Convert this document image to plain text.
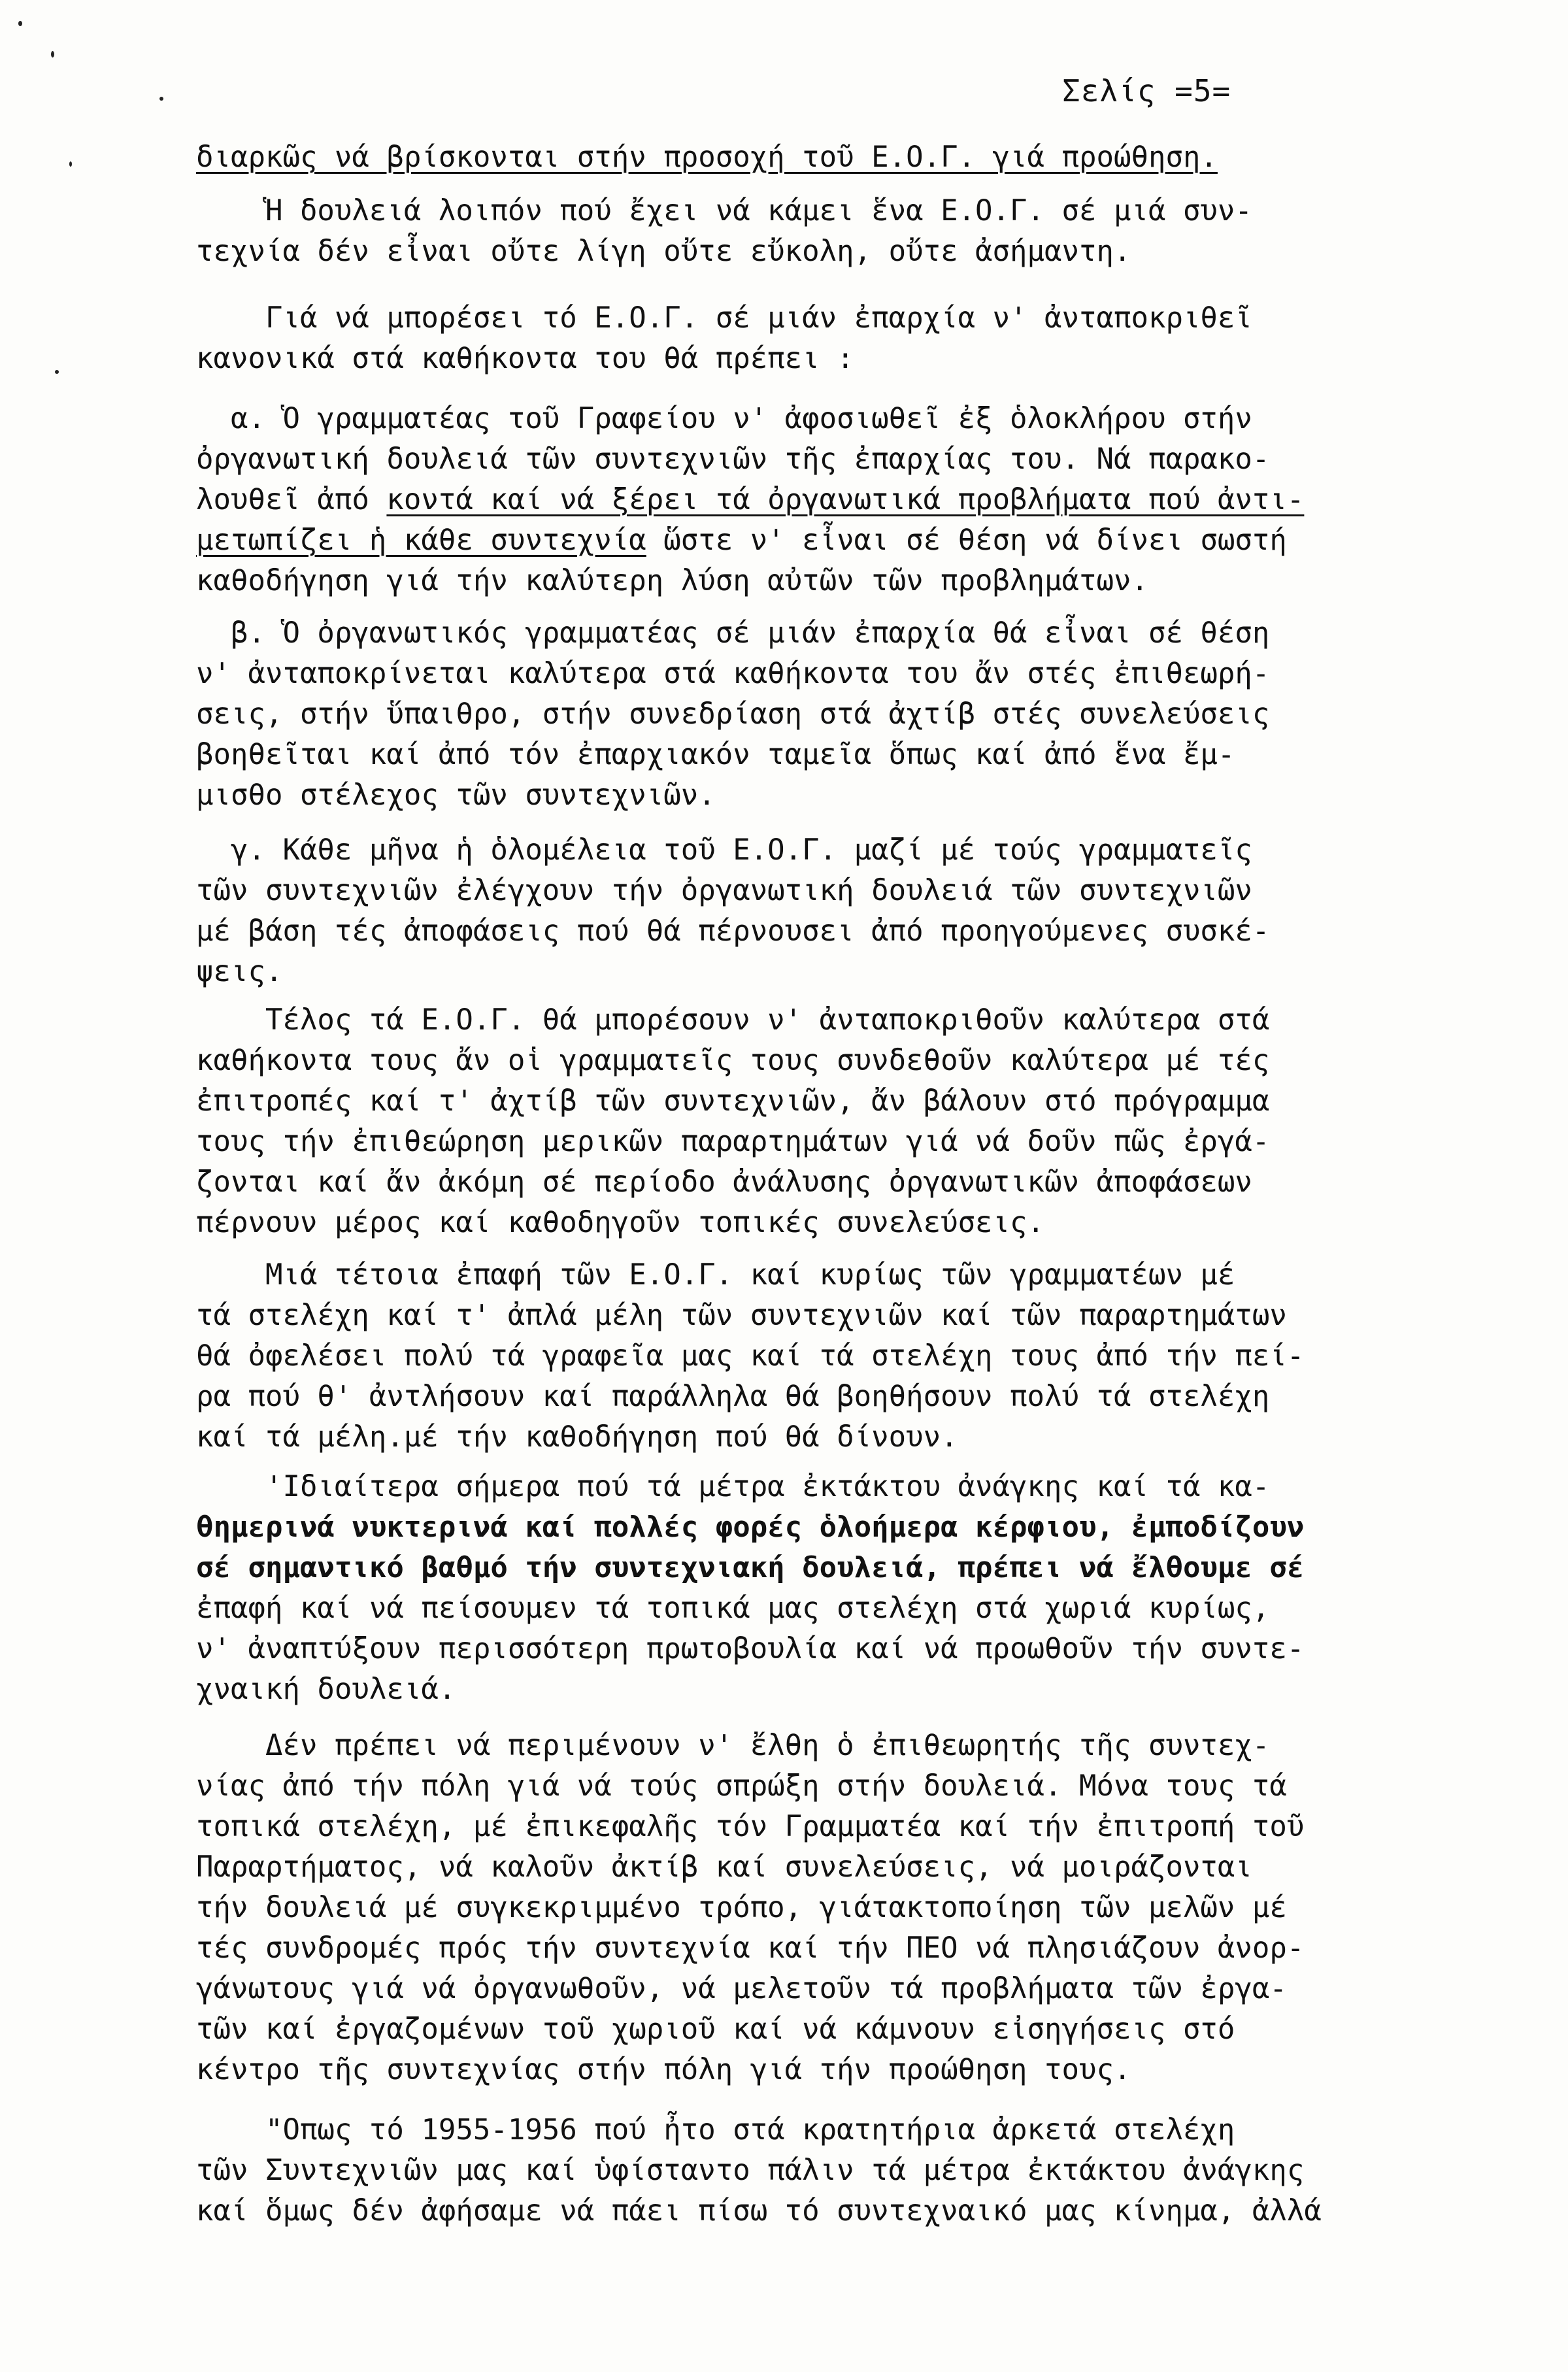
Σελίς =5=
διαρκῶς νά βρίσκονται στήν προσοχή τοῦ Ε.Ο.Γ. γιά προώθηση.
Ἡ δουλειά λοιπόν πού ἔχει νά κάμει ἕνα Ε.Ο.Γ. σέ μιά συν-
τεχνία δέν εἶναι οὔτε λίγη οὔτε εὔκολη, οὔτε ἀσήμαντη.
Γιά νά μπορέσει τό Ε.Ο.Γ. σέ μιάν ἐπαρχία ν' ἀνταποκριθεῖ
κανονικά στά καθήκοντα του θά πρέπει :
α. Ὁ γραμματέας τοῦ Γραφείου ν' ἀφοσιωθεῖ ἐξ ὁλοκλήρου στήν
ὀργανωτική δουλειά τῶν συντεχνιῶν τῆς ἐπαρχίας του. Νά παρακο-
λουθεῖ ἀπό κοντά καί νά ξέρει τά ὀργανωτικά προβλήματα πού ἀντι-
μετωπίζει ἡ κάθε συντεχνία ὥστε ν' εἶναι σέ θέση νά δίνει σωστή
καθοδήγηση γιά τήν καλύτερη λύση αὐτῶν τῶν προβλημάτων.
β. Ὁ ὀργανωτικός γραμματέας σέ μιάν ἐπαρχία θά εἶναι σέ θέση
ν' ἀνταποκρίνεται καλύτερα στά καθήκοντα του ἄν στές ἐπιθεωρή-
σεις, στήν ὕπαιθρο, στήν συνεδρίαση στά ἀχτίβ στές συνελεύσεις
βοηθεῖται καί ἀπό τόν ἐπαρχιακόν ταμεῖα ὅπως καί ἀπό ἕνα ἔμ-
μισθο στέλεχος τῶν συντεχνιῶν.
γ. Κάθε μῆνα ἡ ὁλομέλεια τοῦ Ε.Ο.Γ. μαζί μέ τούς γραμματεῖς
τῶν συντεχνιῶν ἐλέγχουν τήν ὀργανωτική δουλειά τῶν συντεχνιῶν
μέ βάση τές ἀποφάσεις πού θά πέρνουσει ἀπό προηγούμενες συσκέ-
ψεις.
Τέλος τά Ε.Ο.Γ. θά μπορέσουν ν' ἀνταποκριθοῦν καλύτερα στά
καθήκοντα τους ἄν οἱ γραμματεῖς τους συνδεθοῦν καλύτερα μέ τές
ἐπιτροπές καί τ' ἀχτίβ τῶν συντεχνιῶν, ἄν βάλουν στό πρόγραμμα
τους τήν ἐπιθεώρηση μερικῶν παραρτημάτων γιά νά δοῦν πῶς ἐργά-
ζονται καί ἄν ἀκόμη σέ περίοδο ἀνάλυσης ὀργανωτικῶν ἀποφάσεων
πέρνουν μέρος καί καθοδηγοῦν τοπικές συνελεύσεις.
Μιά τέτοια ἐπαφή τῶν Ε.Ο.Γ. καί κυρίως τῶν γραμματέων μέ
τά στελέχη καί τ' ἀπλά μέλη τῶν συντεχνιῶν καί τῶν παραρτημάτων
θά ὀφελέσει πολύ τά γραφεῖα μας καί τά στελέχη τους ἀπό τήν πεί-
ρα πού θ' ἀντλήσουν καί παράλληλα θά βοηθήσουν πολύ τά στελέχη
καί τά μέλη.μέ τήν καθοδήγηση πού θά δίνουν.
'Ιδιαίτερα σήμερα πού τά μέτρα ἐκτάκτου ἀνάγκης καί τά κα-
θημερινά νυκτερινά καί πολλές φορές ὁλοήμερα κέρφιου, ἐμποδίζουν
σέ σημαντικό βαθμό τήν συντεχνιακή δουλειά, πρέπει νά ἔλθουμε σέ
ἐπαφή καί νά πείσουμεν τά τοπικά μας στελέχη στά χωριά κυρίως,
ν' ἀναπτύξουν περισσότερη πρωτοβουλία καί νά προωθοῦν τήν συντε-
χναική δουλειά.
Δέν πρέπει νά περιμένουν ν' ἔλθη ὁ ἐπιθεωρητής τῆς συντεχ-
νίας ἀπό τήν πόλη γιά νά τούς σπρώξη στήν δουλειά. Μόνα τους τά
τοπικά στελέχη, μέ ἐπικεφαλῆς τόν Γραμματέα καί τήν ἐπιτροπή τοῦ
Παραρτήματος, νά καλοῦν ἀκτίβ καί συνελεύσεις, νά μοιράζονται
τήν δουλειά μέ συγκεκριμμένο τρόπο, γιάτακτοποίηση τῶν μελῶν μέ
τές συνδρομές πρός τήν συντεχνία καί τήν ΠΕΟ νά πλησιάζουν ἀνορ-
γάνωτους γιά νά ὀργανωθοῦν, νά μελετοῦν τά προβλήματα τῶν ἐργα-
τῶν καί ἐργαζομένων τοῦ χωριοῦ καί νά κάμνουν εἰσηγήσεις στό
κέντρο τῆς συντεχνίας στήν πόλη γιά τήν προώθηση τους.
"Οπως τό 1955-1956 πού ἦτο στά κρατητήρια ἀρκετά στελέχη
τῶν Συντεχνιῶν μας καί ὑφίσταντο πάλιν τά μέτρα ἐκτάκτου ἀνάγκης
καί ὅμως δέν ἀφήσαμε νά πάει πίσω τό συντεχναικό μας κίνημα, ἀλλά
